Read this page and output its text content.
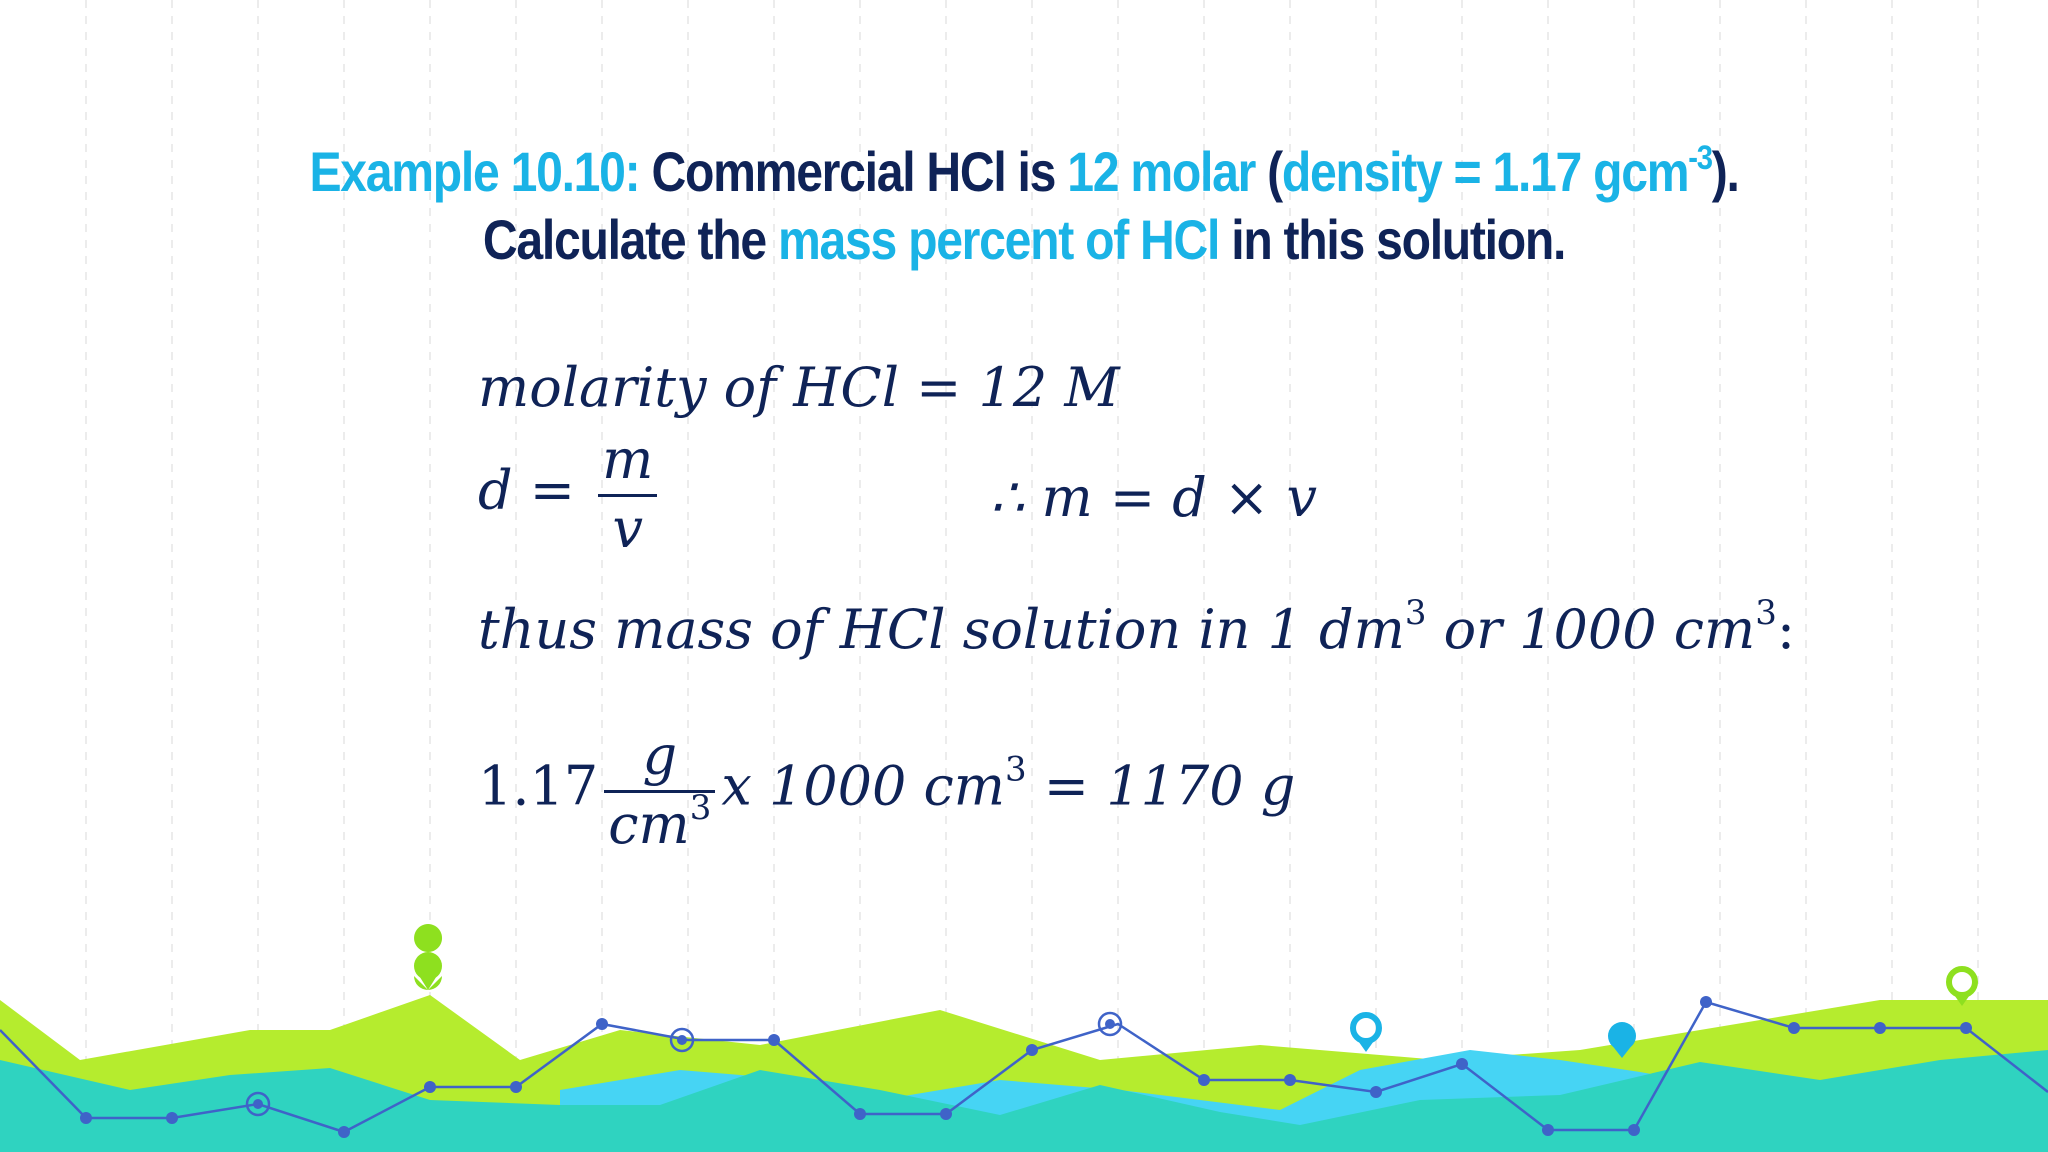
Example 10.10: Commercial HCl is 12 molar (density = 1.17 gcm$^{-3}$).
Calculate the mass percent of HCl in this solution.
molarity of HCl = 12 M
$d = \frac{m}{v}$	∴ m = d × v
thus mass of HCl solution in 1 $dm^3$ or 1000 $cm^3$:
$1.17 \frac{g}{cm^3}$ x 1000 $cm^3 = 1170$ g
